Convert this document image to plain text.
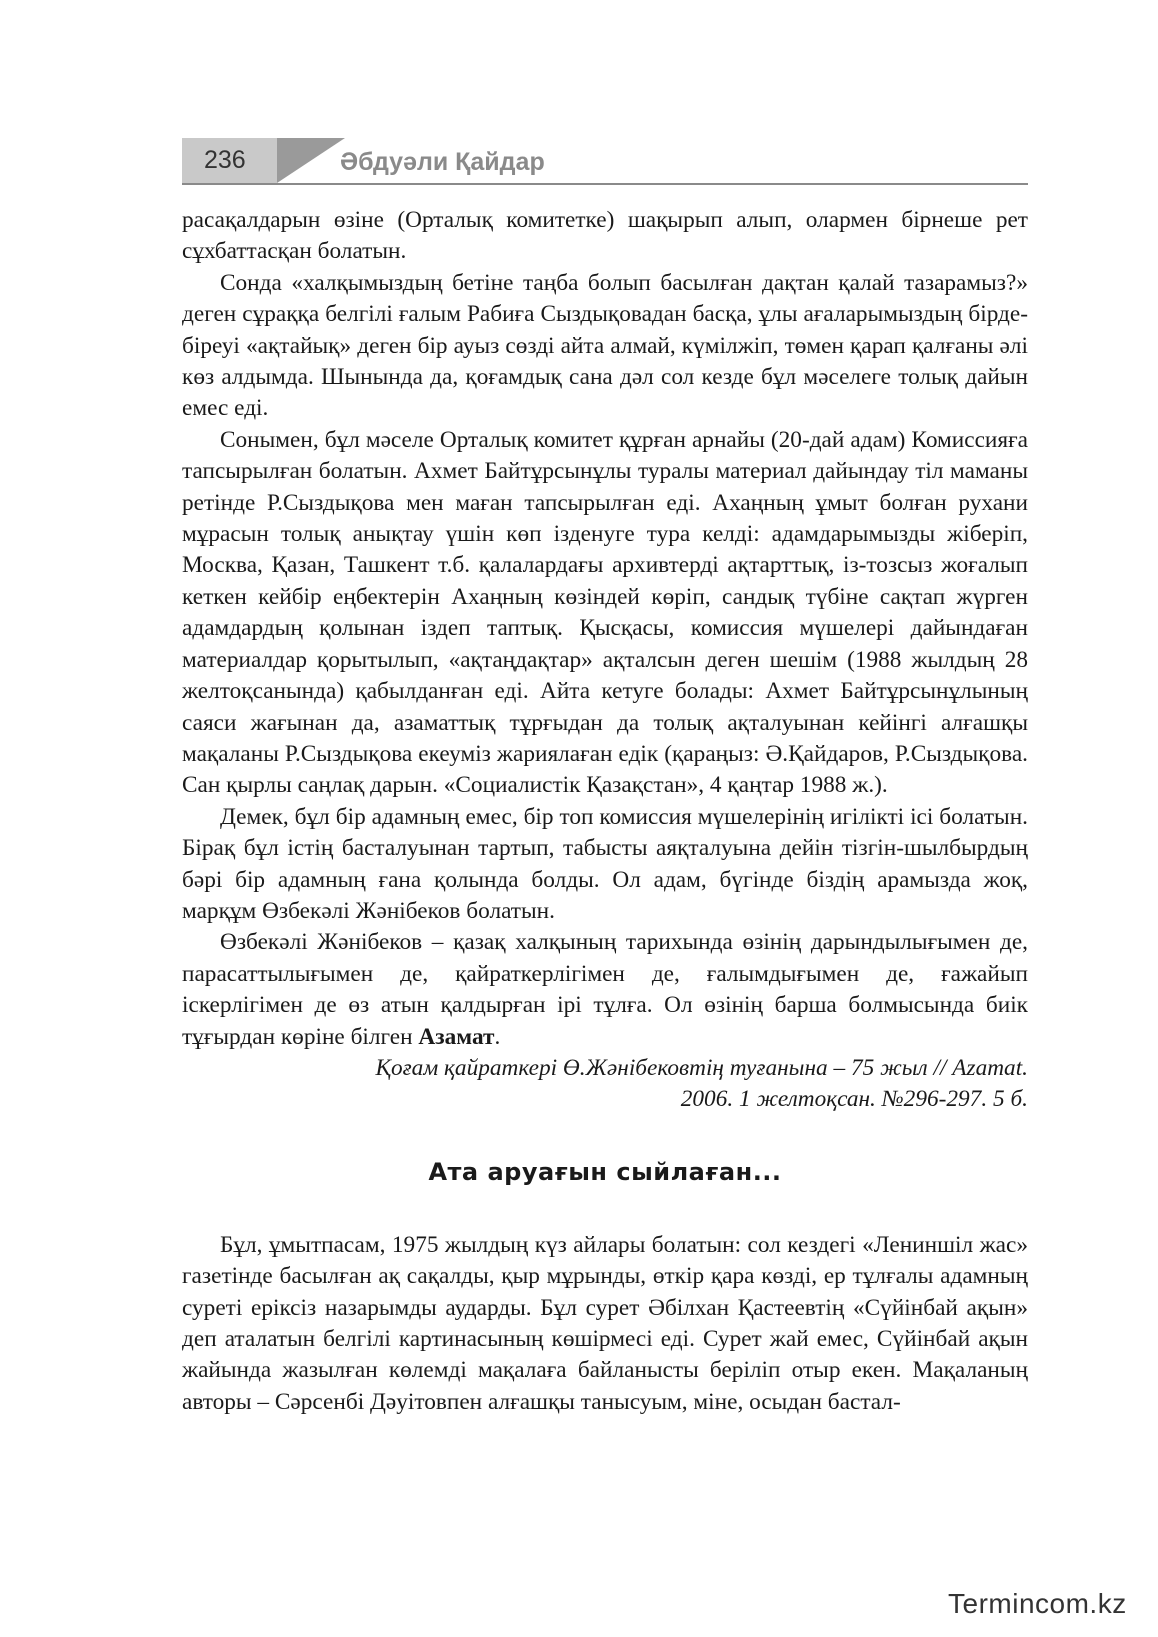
236	Әбдуәли Қайдар

расақалдарын өзіне (Орталық комитетке) шақырып алып, олармен бірнеше рет сұхбаттасқан болатын.

Сонда «халқымыздың бетіне таңба болып басылған дақтан қалай тазарамыз?» деген сұраққа белгілі ғалым Рабиға Сыздықовадан басқа, ұлы ағаларымыздың бірде-біреуі «ақтайық» деген бір ауыз сөзді айта алмай, күмілжіп, төмен қарап қалғаны әлі көз алдымда. Шынында да, қоғамдық сана дәл сол кезде бұл мәселеге толық дайын емес еді.

Сонымен, бұл мәселе Орталық комитет құрған арнайы (20-дай адам) Комиссияға тапсырылған болатын. Ахмет Байтұрсынұлы туралы материал дайындау тіл маманы ретінде Р.Сыздықова мен маған тапсырылған еді. Ахаңның ұмыт болған рухани мұрасын толық анықтау үшін көп ізденуге тура келді: адамдарымызды жіберіп, Москва, Қазан, Ташкент т.б. қалалардағы архивтерді ақтарттық, із-тозсыз жоғалып кеткен кейбір еңбектерін Ахаңның көзіндей көріп, сандық түбіне сақтап жүрген адамдардың қолынан іздеп таптық. Қысқасы, комиссия мүшелері дайындаған материалдар қорытылып, «ақтаңдақтар» ақталсын деген шешім (1988 жылдың 28 желтоқсанында) қабылданған еді. Айта кетуге болады: Ахмет Байтұрсынұлының саяси жағынан да, азаматтық тұрғыдан да толық ақталуынан кейінгі алғашқы мақаланы Р.Сыздықова екеуміз жариялаған едік (қараңыз: Ә.Қайдаров, Р.Сыздықова. Сан қырлы саңлақ дарын. «Социалистік Қазақстан», 4 қаңтар 1988 ж.).

Демек, бұл бір адамның емес, бір топ комиссия мүшелерінің игілікті ісі болатын. Бірақ бұл істің басталуынан тартып, табысты аяқталуына дейін тізгін-шылбырдың бәрі бір адамның ғана қолында болды. Ол адам, бүгінде біздің арамызда жоқ, марқұм Өзбекәлі Жәнібеков болатын.

Өзбекәлі Жәнібеков – қазақ халқының тарихында өзінің дарындылығымен де, парасаттылығымен де, қайраткерлігімен де, ғалымдығымен де, ғажайып іскерлігімен де өз атын қалдырған ірі тұлға. Ол өзінің барша болмысында биік тұғырдан көріне білген Азамат.

Қоғам қайраткері Ө.Жәнібековтің туғанына – 75 жыл // Azamat.
2006. 1 желтоқсан. №296-297. 5 б.
Ата аруағын сыйлаған...

Бұл, ұмытпасам, 1975 жылдың күз айлары болатын: сол кездегі «Лениншіл жас» газетінде басылған ақ сақалды, қыр мұрынды, өткір қара көзді, ер тұлғалы адамның суреті еріксіз назарымды аударды. Бұл сурет Әбілхан Қастеевтің «Сүйінбай ақын» деп аталатын белгілі картинасының көшірмесі еді. Сурет жай емес, Сүйінбай ақын жайында жазылған көлемді мақалаға байланысты беріліп отыр екен. Мақаланың авторы – Сәрсенбі Дәуітовпен алғашқы танысуым, міне, осыдан бастал-

Termincom.kz
